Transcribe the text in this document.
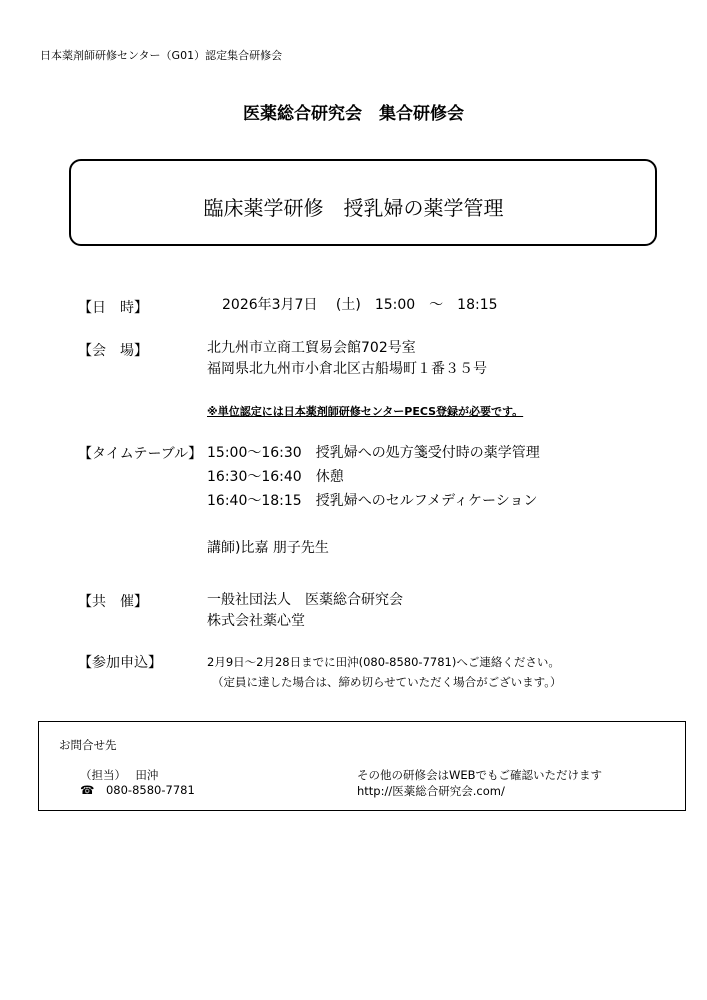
日本薬剤師研修センター（G01）認定集合研修会
医薬総合研究会　集合研修会
臨床薬学研修　授乳婦の薬学管理
【日　時】	2026年3月7日　 (土)　15:00　～　18:15
【会　場】	北九州市立商工貿易会館702号室
福岡県北九州市小倉北区古船場町１番３５号
※単位認定には日本薬剤師研修センターPECS登録が必要です。
【タイムテーブル】 15:00～16:30　授乳婦への処方箋受付時の薬学管理
16:30～16:40　休憩
16:40～18:15　授乳婦へのセルフメディケーション
講師)比嘉 朋子先生
【共　催】	一般社団法人　医薬総合研究会
株式会社薬心堂
【参加申込】	2月9日～2月28日までに田沖(080-8580-7781)へご連絡ください。
（定員に達した場合は、締め切らせていただく場合がございます。）
お問合せ先
（担当）　 田沖
☎ 080-8580-7781
その他の研修会はWEBでもご確認いただけます
http://医薬総合研究会.com/
